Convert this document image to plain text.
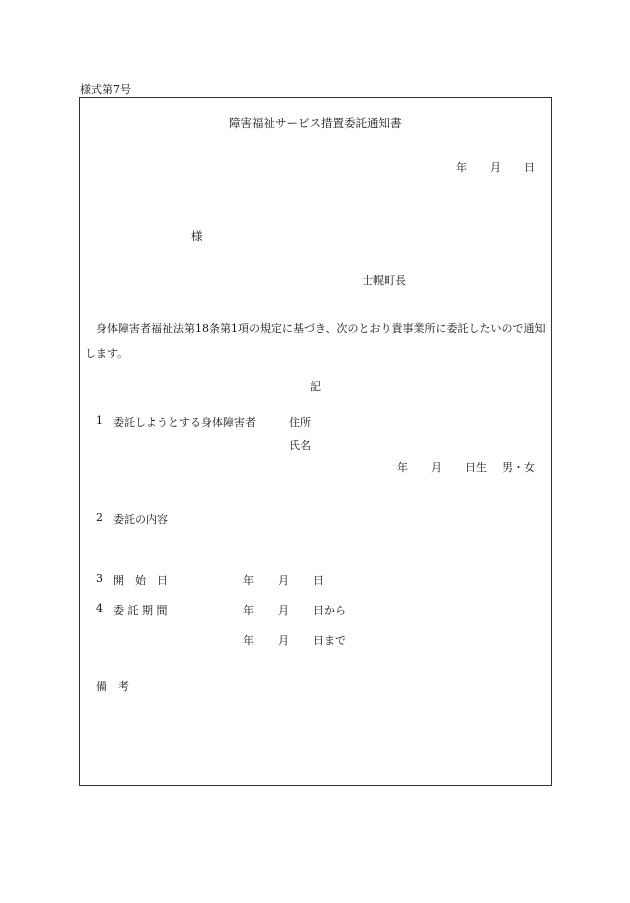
様式第7号
障害福祉サービス措置委託通知書
年 月 日
様
士幌町長
身体障害者福祉法第18条第1項の規定に基づき、次のとおり貴事業所に委託したいので通知します。
記
1 委託しようとする身体障害者	住所
氏名
年 月 日生 男・女
2 委託の内容
3 開　始　日	年 月 日
4 委 託 期 間	年 月 日から
年 月 日まで
備　考
